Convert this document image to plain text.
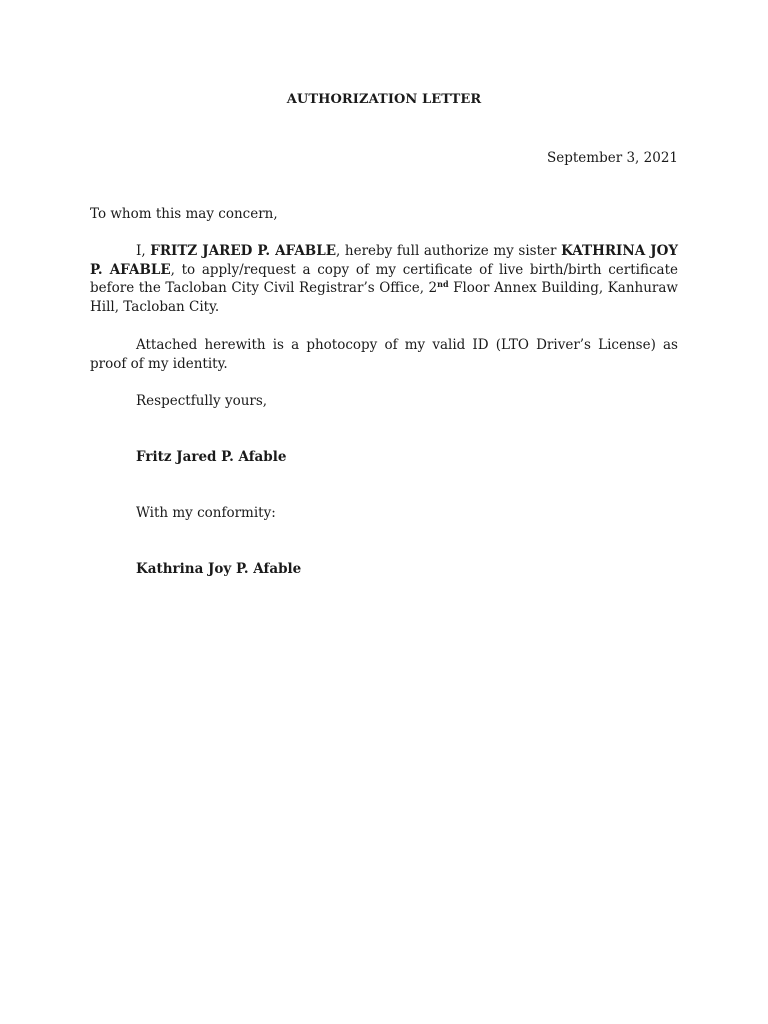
AUTHORIZATION LETTER
September 3, 2021
To whom this may concern,

I, FRITZ JARED P. AFABLE, hereby full authorize my sister KATHRINA JOY P. AFABLE, to apply/request a copy of my certificate of live birth/birth certificate before the Tacloban City Civil Registrar’s Office, 2nd Floor Annex Building, Kanhuraw Hill, Tacloban City.

Attached herewith is a photocopy of my valid ID (LTO Driver’s License) as proof of my identity.

Respectfully yours,
Fritz Jared P. Afable
With my conformity:
Kathrina Joy P. Afable
